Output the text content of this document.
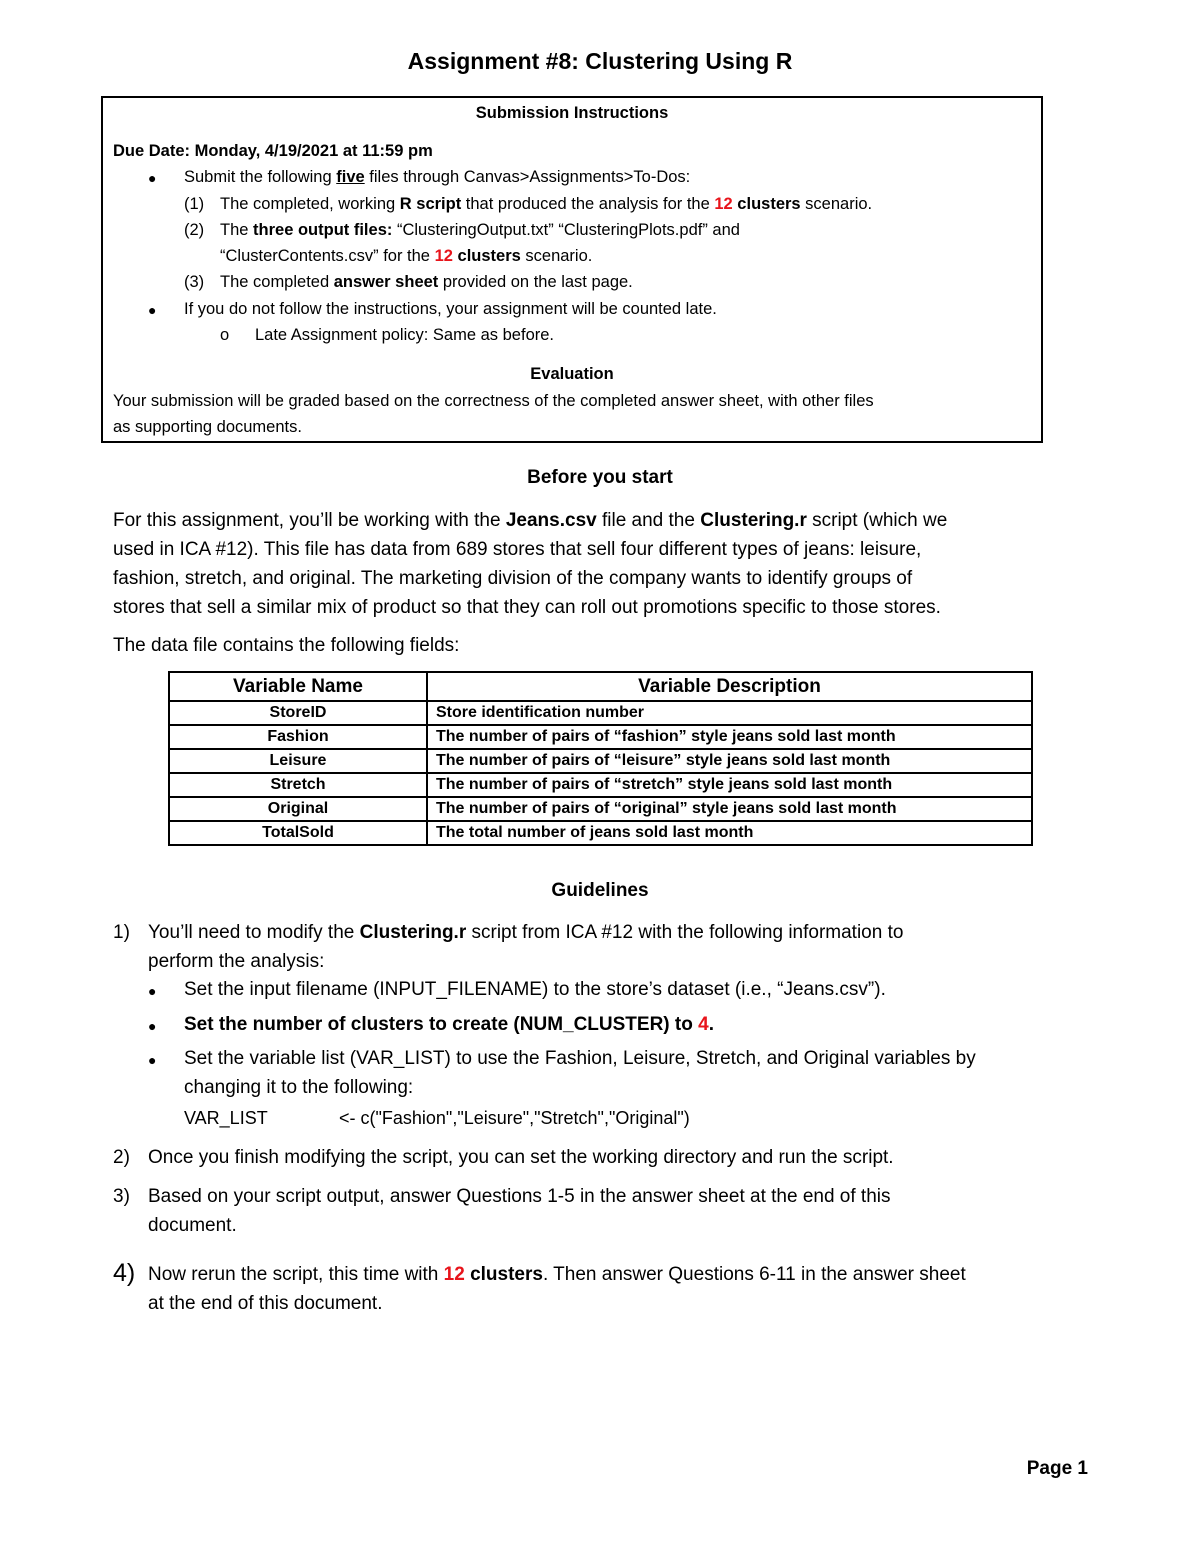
Assignment #8: Clustering Using R
Submission Instructions
Due Date: Monday, 4/19/2021 at 11:59 pm
● Submit the following five files through Canvas>Assignments>To-Dos:
(1) The completed, working R script that produced the analysis for the 12 clusters scenario.
(2) The three output files: “ClusteringOutput.txt” “ClusteringPlots.pdf” and
“ClusterContents.csv” for the 12 clusters scenario.
(3) The completed answer sheet provided on the last page.
● If you do not follow the instructions, your assignment will be counted late.
o Late Assignment policy: Same as before.
Evaluation
Your submission will be graded based on the correctness of the completed answer sheet, with other files
as supporting documents.
Before you start
For this assignment, you’ll be working with the Jeans.csv file and the Clustering.r script (which we
used in ICA #12). This file has data from 689 stores that sell four different types of jeans: leisure,
fashion, stretch, and original. The marketing division of the company wants to identify groups of
stores that sell a similar mix of product so that they can roll out promotions specific to those stores.
The data file contains the following fields:
Variable Name	Variable Description
StoreID	Store identification number
Fashion	The number of pairs of “fashion” style jeans sold last month
Leisure	The number of pairs of “leisure” style jeans sold last month
Stretch	The number of pairs of “stretch” style jeans sold last month
Original	The number of pairs of “original” style jeans sold last month
TotalSold	The total number of jeans sold last month
Guidelines
1) You’ll need to modify the Clustering.r script from ICA #12 with the following information to
perform the analysis:
● Set the input filename (INPUT_FILENAME) to the store’s dataset (i.e., “Jeans.csv”).
● Set the number of clusters to create (NUM_CLUSTER) to 4.
● Set the variable list (VAR_LIST) to use the Fashion, Leisure, Stretch, and Original variables by
changing it to the following:
VAR_LIST	<- c("Fashion","Leisure","Stretch","Original")
2) Once you finish modifying the script, you can set the working directory and run the script.
3) Based on your script output, answer Questions 1-5 in the answer sheet at the end of this
document.
4) Now rerun the script, this time with 12 clusters. Then answer Questions 6-11 in the answer sheet
at the end of this document.
Page 1
